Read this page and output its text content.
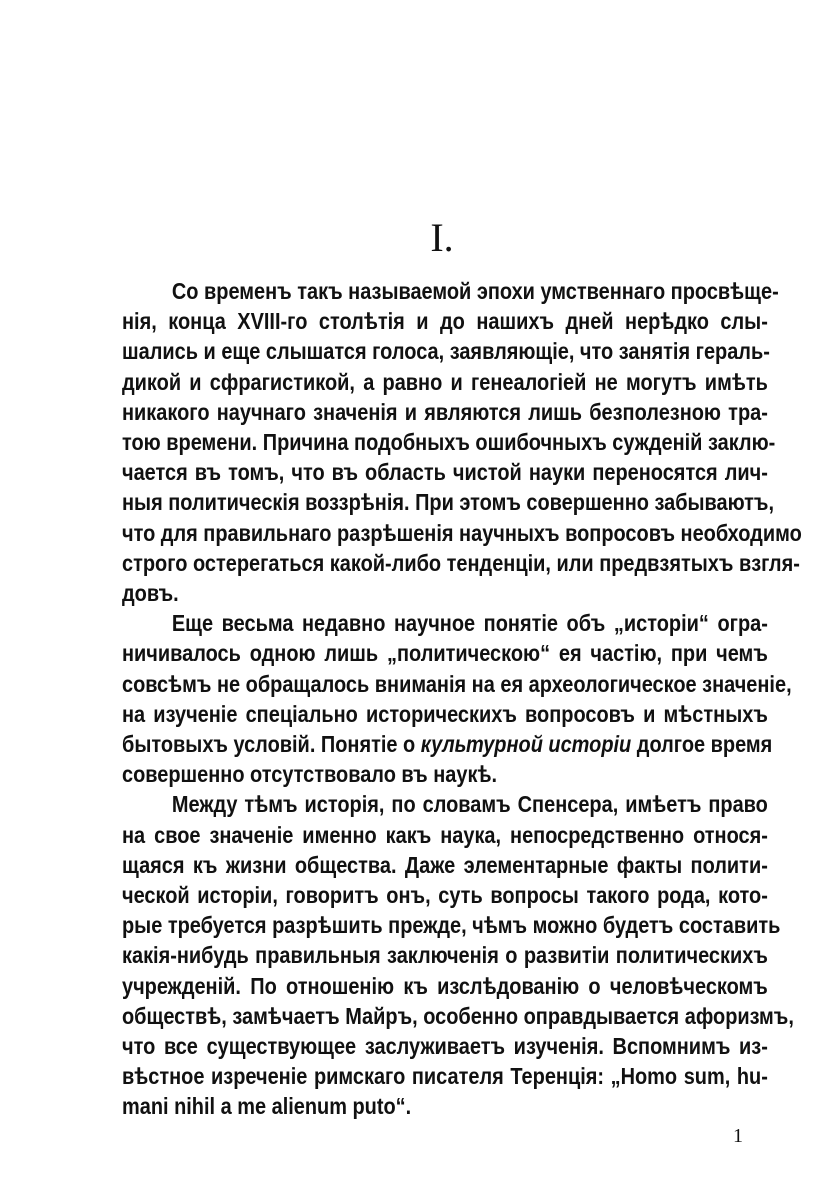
I.
Со временъ такъ называемой эпохи умственнаго просвѣще-
нія, конца XVIII-го столѣтія и до нашихъ дней нерѣдко слы-
шались и еще слышатся голоса, заявляющіе, что занятія гераль-
дикой и сфрагистикой, а равно и генеалогіей не могутъ имѣть
никакого научнаго значенія и являются лишь безполезною тра-
тою времени. Причина подобныхъ ошибочныхъ сужденій заклю-
чается въ томъ, что въ область чистой науки переносятся лич-
ныя политическія воззрѣнія. При этомъ совершенно забываютъ,
что для правильнаго разрѣшенія научныхъ вопросовъ необходимо
строго остерегаться какой-либо тенденціи, или предвзятыхъ взгля-
довъ.
Еще весьма недавно научное понятіе объ „исторіи“ огра-
ничивалось одною лишь „политическою“ ея частію, при чемъ
совсѣмъ не обращалось вниманія на ея археологическое значеніе,
на изученіе спеціально историческихъ вопросовъ и мѣстныхъ
бытовыхъ условій. Понятіе о культурной исторіи долгое время
совершенно отсутствовало въ наукѣ.
Между тѣмъ исторія, по словамъ Спенсера, имѣетъ право
на свое значеніе именно какъ наука, непосредственно относя-
щаяся къ жизни общества. Даже элементарные факты полити-
ческой исторіи, говоритъ онъ, суть вопросы такого рода, кото-
рые требуется разрѣшить прежде, чѣмъ можно будетъ составить
какія-нибудь правильныя заключенія о развитіи политическихъ
учрежденій. По отношенію къ изслѣдованію о человѣческомъ
обществѣ, замѣчаетъ Майръ, особенно оправдывается афоризмъ,
что все существующее заслуживаетъ изученія. Вспомнимъ из-
вѣстное изреченіе римскаго писателя Теренція: „Homo sum, hu-
mani nihil a me alienum puto“.
1
